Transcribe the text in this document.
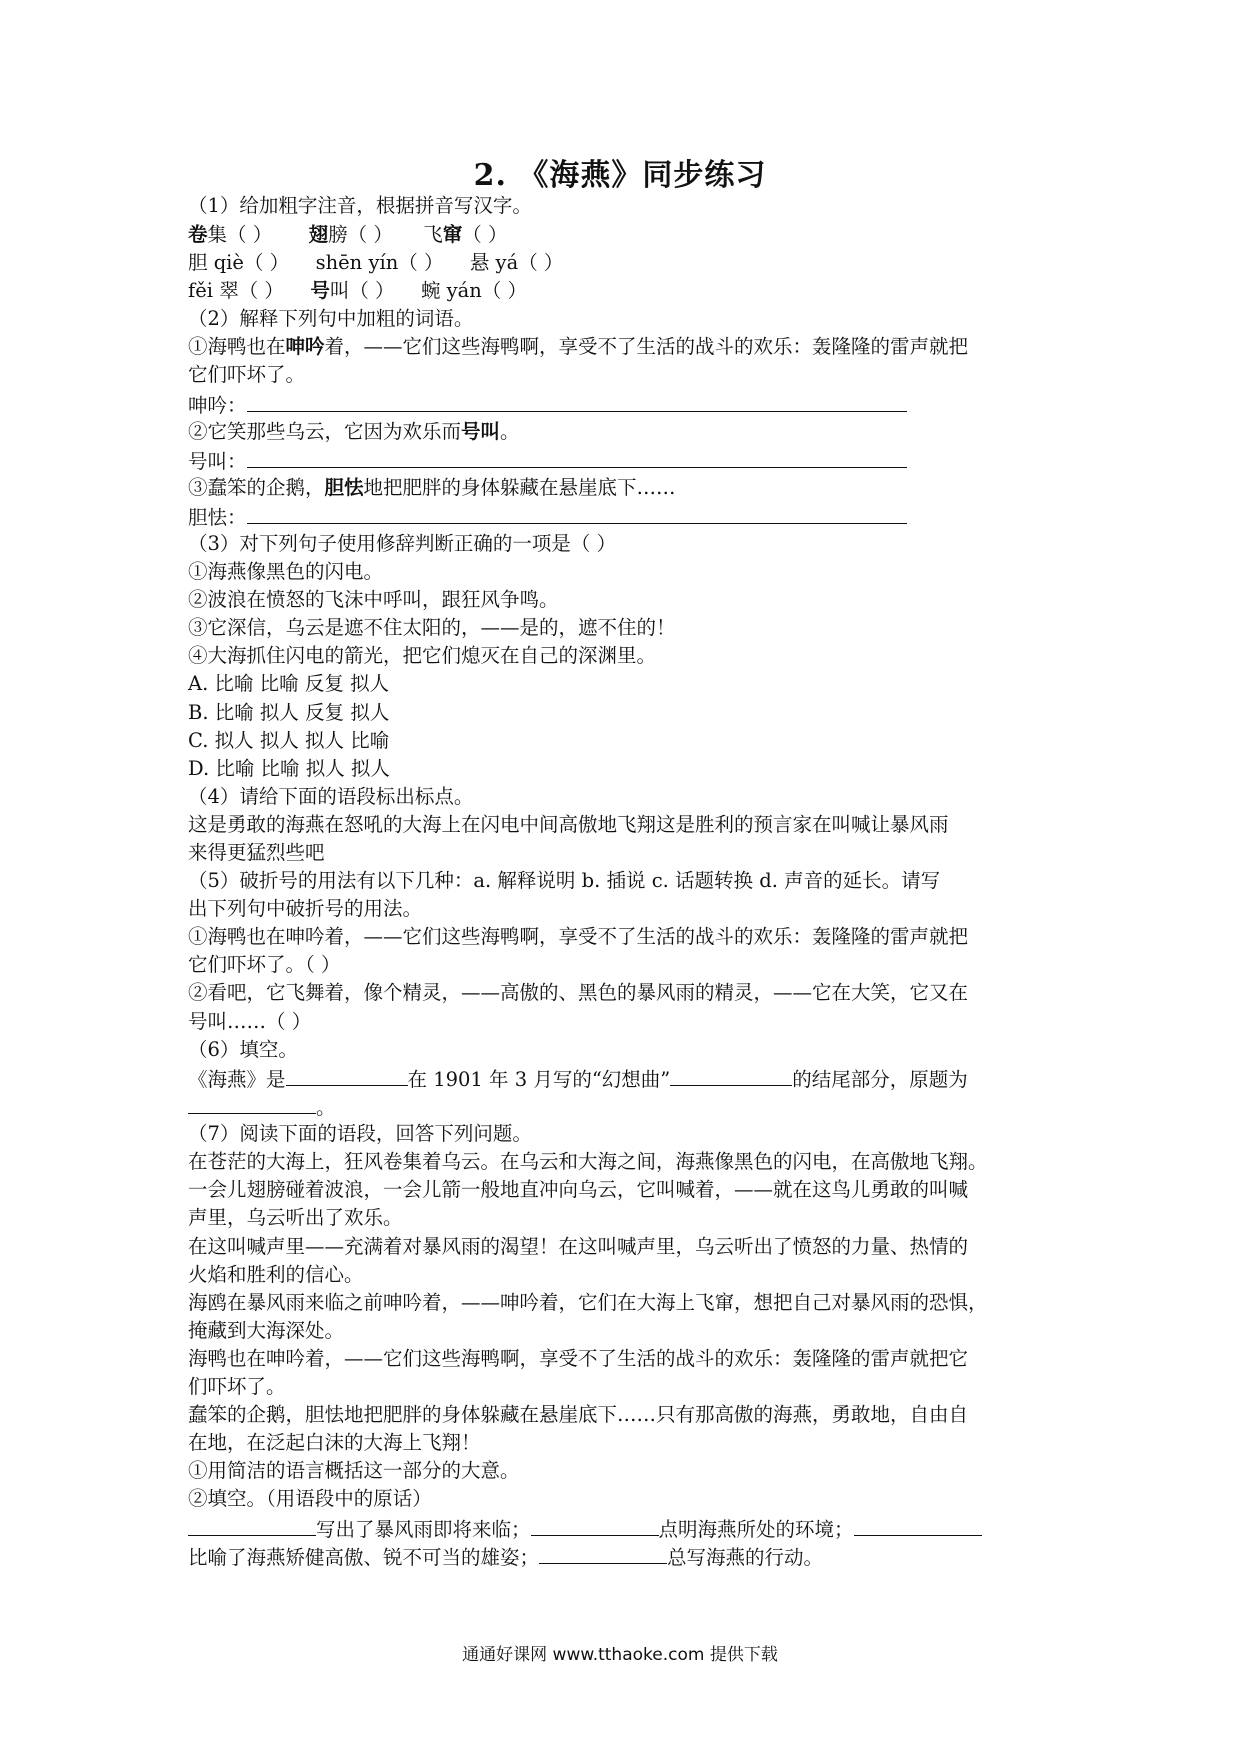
2. 《海燕》同步练习
（1）给加粗字注音，根据拼音写汉字。
卷集（ ） 翅膀（ ） 飞窜（ ）
胆 qiè（ ） shēn yín（ ） 悬 yá（ ）
fěi 翠（ ） 号叫（ ） 蜿 yán（ ）
（2）解释下列句中加粗的词语。
①海鸭也在呻吟着，——它们这些海鸭啊，享受不了生活的战斗的欢乐：轰隆隆的雷声就把
它们吓坏了。
呻吟：
②它笑那些乌云，它因为欢乐而号叫。
号叫：
③蠢笨的企鹅，胆怯地把肥胖的身体躲藏在悬崖底下……
胆怯：
（3）对下列句子使用修辞判断正确的一项是（ ）
①海燕像黑色的闪电。
②波浪在愤怒的飞沫中呼叫，跟狂风争鸣。
③它深信，乌云是遮不住太阳的，——是的，遮不住的！
④大海抓住闪电的箭光，把它们熄灭在自己的深渊里。
A. 比喻 比喻 反复 拟人
B. 比喻 拟人 反复 拟人
C. 拟人 拟人 拟人 比喻
D. 比喻 比喻 拟人 拟人
（4）请给下面的语段标出标点。
这是勇敢的海燕在怒吼的大海上在闪电中间高傲地飞翔这是胜利的预言家在叫喊让暴风雨
来得更猛烈些吧
（5）破折号的用法有以下几种：a. 解释说明 b. 插说 c. 话题转换 d. 声音的延长。请写
出下列句中破折号的用法。
①海鸭也在呻吟着，——它们这些海鸭啊，享受不了生活的战斗的欢乐：轰隆隆的雷声就把
它们吓坏了。（ ）
②看吧，它飞舞着，像个精灵，——高傲的、黑色的暴风雨的精灵，——它在大笑，它又在
号叫……（ ）
（6）填空。
《海燕》是	在 1901 年 3 月写的“幻想曲”	的结尾部分，原题为
。
（7）阅读下面的语段，回答下列问题。
在苍茫的大海上，狂风卷集着乌云。在乌云和大海之间，海燕像黑色的闪电，在高傲地飞翔。
一会儿翅膀碰着波浪，一会儿箭一般地直冲向乌云，它叫喊着，——就在这鸟儿勇敢的叫喊
声里，乌云听出了欢乐。
在这叫喊声里——充满着对暴风雨的渴望！在这叫喊声里，乌云听出了愤怒的力量、热情的
火焰和胜利的信心。
海鸥在暴风雨来临之前呻吟着，——呻吟着，它们在大海上飞窜，想把自己对暴风雨的恐惧，
掩藏到大海深处。
海鸭也在呻吟着，——它们这些海鸭啊，享受不了生活的战斗的欢乐：轰隆隆的雷声就把它
们吓坏了。
蠢笨的企鹅，胆怯地把肥胖的身体躲藏在悬崖底下……只有那高傲的海燕，勇敢地，自由自
在地，在泛起白沫的大海上飞翔！
①用简洁的语言概括这一部分的大意。
②填空。（用语段中的原话）
写出了暴风雨即将来临；	点明海燕所处的环境；
比喻了海燕矫健高傲、锐不可当的雄姿；	总写海燕的行动。
通通好课网 www.tthaoke.com 提供下载
